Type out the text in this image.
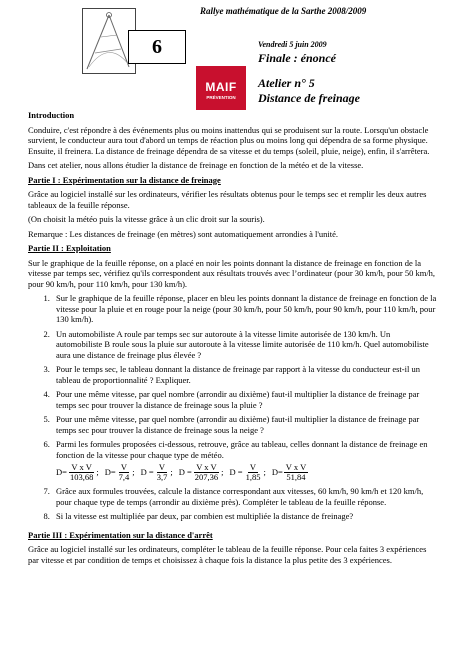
6
Rallye mathématique de la Sarthe 2008/2009
MAIF
PRÉVENTION
Vendredi 5 juin 2009
Finale : énoncé
Atelier n° 5
Distance de freinage

Introduction

Conduire, c'est répondre à des événements plus ou moins inattendus qui se produisent sur la route. Lorsqu'un obstacle survient, le conducteur aura tout d'abord un temps de réaction plus ou moins long qui dépendra de sa forme physique. Ensuite, il freinera. La distance de freinage dépendra de sa vitesse et du temps (soleil, pluie, neige), enfin, il s'arrêtera.

Dans cet atelier, nous allons étudier la distance de freinage en fonction de la météo et de la vitesse.

Partie I : Expérimentation sur la distance de freinage

Grâce au logiciel installé sur les ordinateurs, vérifier les résultats obtenus pour le temps sec et remplir les deux autres tableaux de la feuille réponse.

(On choisit la météo puis la vitesse grâce à un clic droit sur la souris).

Remarque : Les distances de freinage (en mètres) sont automatiquement arrondies à l'unité.

Partie II : Exploitation

Sur le graphique de la feuille réponse, on a placé en noir les points donnant la distance de freinage en fonction de la vitesse par temps sec, vérifiez qu'ils correspondent aux résultats trouvés avec l’ordinateur (pour 30 km/h, pour 50 km/h, pour 90 km/h, pour 110 km/h, pour 130 km/h).

1. Sur le graphique de la feuille réponse, placer en bleu les points donnant la distance de freinage en fonction de la vitesse pour la pluie et en rouge pour la neige (pour 30 km/h, pour 50 km/h, pour 90 km/h, pour 110 km/h, pour 130 km/h).
2. Un automobiliste A roule par temps sec sur autoroute à la vitesse limite autorisée de 130 km/h. Un automobiliste B roule sous la pluie sur autoroute à la vitesse limite autorisée de 110 km/h. Quel automobiliste aura une distance de freinage plus élevée ?
3. Pour le temps sec, le tableau donnant la distance de freinage par rapport à la vitesse du conducteur est-il un tableau de proportionnalité ? Expliquer.
4. Pour une même vitesse, par quel nombre (arrondir au dixième) faut-il multiplier la distance de freinage par temps sec pour trouver la distance de freinage sous la pluie ?
5. Pour une même vitesse, par quel nombre (arrondir au dixième) faut-il multiplier la distance de freinage par temps sec pour trouver la distance de freinage sous la neige ?
6. Parmi les formules proposées ci-dessous, retrouve, grâce au tableau, celles donnant la distance de freinage en fonction de la vitesse pour chaque type de météo.
$D= \frac{\text{V x V}}{103,68}$ ; $D= \frac{V}{7,4}$ ; $D = \frac{V}{3,7}$ ; $D = \frac{\text{V x V}}{207,36}$ ; $D = \frac{V}{1,85}$ ; $D= \frac{\text{V x V}}{51,84}$
7. Grâce aux formules trouvées, calcule la distance correspondant aux vitesses, 60 km/h, 90 km/h et 120 km/h, pour chaque type de temps (arrondir au dixième près). Compléter le tableau de la feuille réponse.
8. Si la vitesse est multipliée par deux, par combien est multipliée la distance de freinage?

Partie III : Expérimentation sur la distance d'arrêt

Grâce au logiciel installé sur les ordinateurs, compléter le tableau de la feuille réponse. Pour cela faites 3 expériences par vitesse et par condition de temps et choisissez à chaque fois la distance la plus petite des 3 expériences.
